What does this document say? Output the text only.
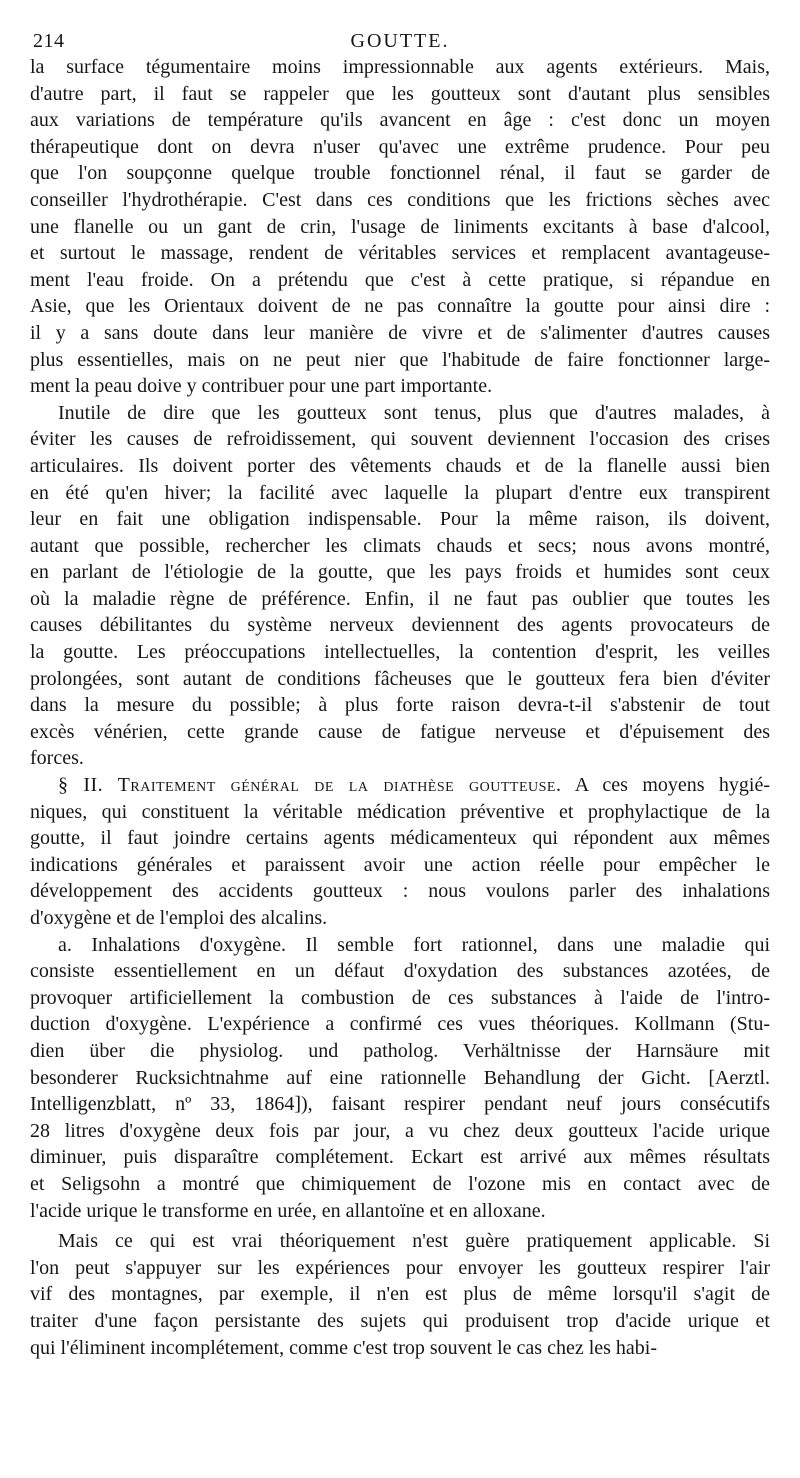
214	GOUTTE.
la surface tégumentaire moins impressionnable aux agents extérieurs. Mais,
d'autre part, il faut se rappeler que les goutteux sont d'autant plus sensibles
aux variations de température qu'ils avancent en âge : c'est donc un moyen
thérapeutique dont on devra n'user qu'avec une extrême prudence. Pour peu
que l'on soupçonne quelque trouble fonctionnel rénal, il faut se garder de
conseiller l'hydrothérapie. C'est dans ces conditions que les frictions sèches avec
une flanelle ou un gant de crin, l'usage de liniments excitants à base d'alcool,
et surtout le massage, rendent de véritables services et remplacent avantageuse-
ment l'eau froide. On a prétendu que c'est à cette pratique, si répandue en
Asie, que les Orientaux doivent de ne pas connaître la goutte pour ainsi dire :
il y a sans doute dans leur manière de vivre et de s'alimenter d'autres causes
plus essentielles, mais on ne peut nier que l'habitude de faire fonctionner large-
ment la peau doive y contribuer pour une part importante.
Inutile de dire que les goutteux sont tenus, plus que d'autres malades, à
éviter les causes de refroidissement, qui souvent deviennent l'occasion des crises
articulaires. Ils doivent porter des vêtements chauds et de la flanelle aussi bien
en été qu'en hiver; la facilité avec laquelle la plupart d'entre eux transpirent
leur en fait une obligation indispensable. Pour la même raison, ils doivent,
autant que possible, rechercher les climats chauds et secs; nous avons montré,
en parlant de l'étiologie de la goutte, que les pays froids et humides sont ceux
où la maladie règne de préférence. Enfin, il ne faut pas oublier que toutes les
causes débilitantes du système nerveux deviennent des agents provocateurs de
la goutte. Les préoccupations intellectuelles, la contention d'esprit, les veilles
prolongées, sont autant de conditions fâcheuses que le goutteux fera bien d'éviter
dans la mesure du possible; à plus forte raison devra-t-il s'abstenir de tout
excès vénérien, cette grande cause de fatigue nerveuse et d'épuisement des
forces.
§ II. Traitement général de la diathèse goutteuse. A ces moyens hygié-
niques, qui constituent la véritable médication préventive et prophylactique de la
goutte, il faut joindre certains agents médicamenteux qui répondent aux mêmes
indications générales et paraissent avoir une action réelle pour empêcher le
développement des accidents goutteux : nous voulons parler des inhalations
d'oxygène et de l'emploi des alcalins.
a. Inhalations d'oxygène. Il semble fort rationnel, dans une maladie qui
consiste essentiellement en un défaut d'oxydation des substances azotées, de
provoquer artificiellement la combustion de ces substances à l'aide de l'intro-
duction d'oxygène. L'expérience a confirmé ces vues théoriques. Kollmann (Stu-
dien über die physiolog. und patholog. Verhältnisse der Harnsäure mit
besonderer Rucksichtnahme auf eine rationnelle Behandlung der Gicht. [Aerztl.
Intelligenzblatt, nº 33, 1864]), faisant respirer pendant neuf jours consécutifs
28 litres d'oxygène deux fois par jour, a vu chez deux goutteux l'acide urique
diminuer, puis disparaître complétement. Eckart est arrivé aux mêmes résultats
et Seligsohn a montré que chimiquement de l'ozone mis en contact avec de
l'acide urique le transforme en urée, en allantoïne et en alloxane.
Mais ce qui est vrai théoriquement n'est guère pratiquement applicable. Si
l'on peut s'appuyer sur les expériences pour envoyer les goutteux respirer l'air
vif des montagnes, par exemple, il n'en est plus de même lorsqu'il s'agit de
traiter d'une façon persistante des sujets qui produisent trop d'acide urique et
qui l'éliminent incomplétement, comme c'est trop souvent le cas chez les habi-
